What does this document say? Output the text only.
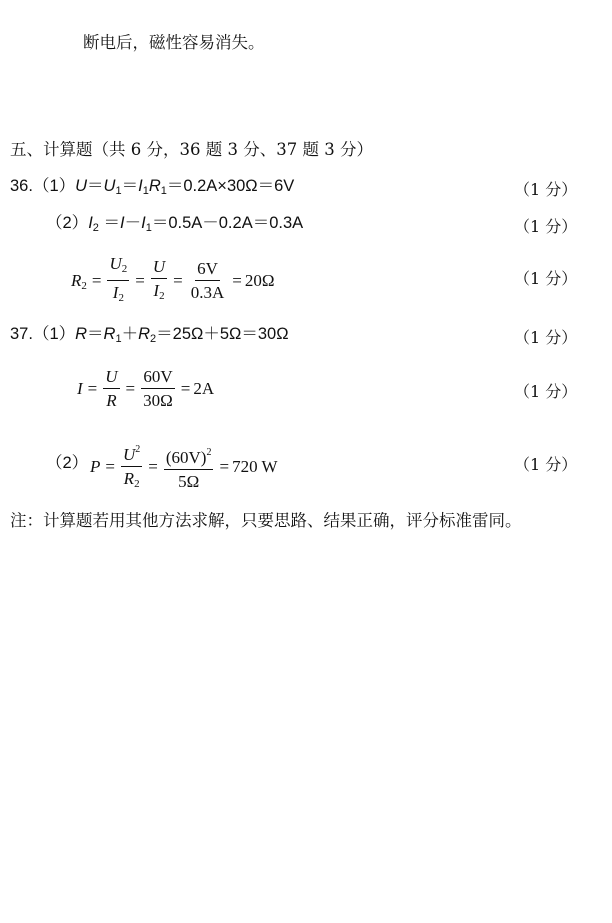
断电后，磁性容易消失。
五、计算题（共 6 分，36 题 3 分、37 题 3 分）
$36.(1)U=U_1=I_1R_1=0.2A\times 30\Omega=6V$	（1 分）
$(2)I_2 =I-I_1=0.5A-0.2A=0.3A$	（1 分）
$R_2 = \frac{U_2}{I_2} = \frac{U}{I_2} = \frac{6V}{0.3A} = 20\Omega$	（1 分）
$37.(1)R=R_1+R_2=25\Omega+5\Omega=30\Omega$	（1 分）
$I = \frac{U}{R} = \frac{60V}{30\Omega} = 2A$	（1 分）
（2） $P = \frac{U^2}{R_2} = \frac{(60V)^2}{5\Omega} = 720$ W	（1 分）
注：计算题若用其他方法求解，只要思路、结果正确，评分标准雷同。
